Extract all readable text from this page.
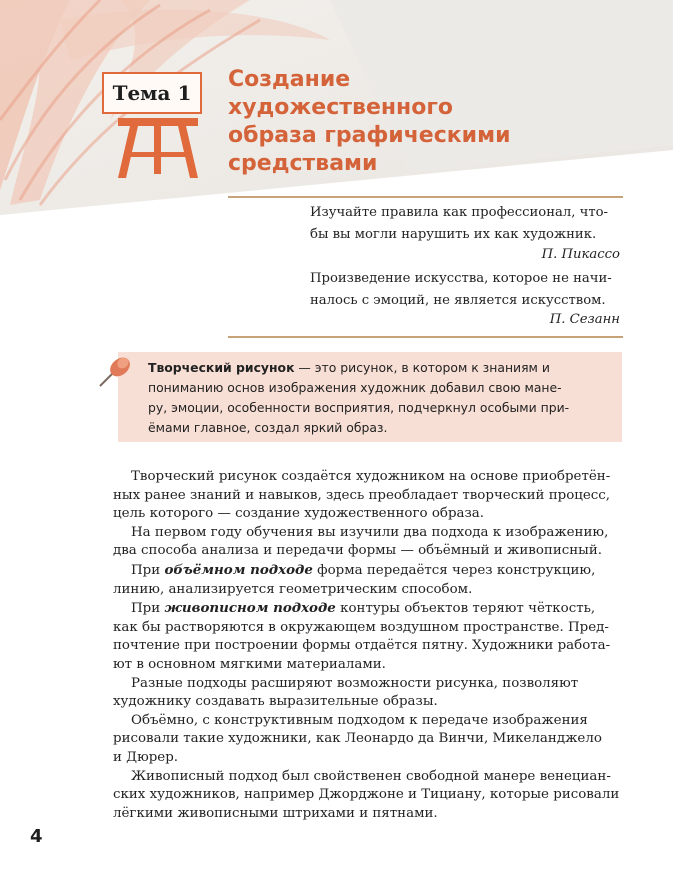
Тема 1
Создание художественного
образа графическими
средствами

Изучайте правила как профессионал, что-
бы вы могли нарушить их как художник.

П. Пикассо

Произведение искусства, которое не начи-
налось с эмоций, не является искусством.

П. Сезанн

Творческий рисунок — это рисунок, в котором к знаниям и
пониманию основ изображения художник добавил свою мане-
ру, эмоции, особенности восприятия, подчеркнул особыми при-
ёмами главное, создал яркий образ.

Творческий рисунок создаётся художником на основе приобретён-
ных ранее знаний и навыков, здесь преобладает творческий процесс,
цель которого — создание художественного образа.
На первом году обучения вы изучили два подхода к изображению,
два способа анализа и передачи формы — объёмный и живописный.
При объёмном подходе форма передаётся через конструкцию,
линию, анализируется геометрическим способом.
При живописном подходе контуры объектов теряют чёткость,
как бы растворяются в окружающем воздушном пространстве. Пред-
почтение при построении формы отдаётся пятну. Художники работа-
ют в основном мягкими материалами.
Разные подходы расширяют возможности рисунка, позволяют
художнику создавать выразительные образы.
Объёмно, с конструктивным подходом к передаче изображения
рисовали такие художники, как Леонардо да Винчи, Микеланджело
и Дюрер.
Живописный подход был свойственен свободной манере венециан-
ских художников, например Джорджоне и Тициану, которые рисовали
лёгкими живописными штрихами и пятнами.
4
